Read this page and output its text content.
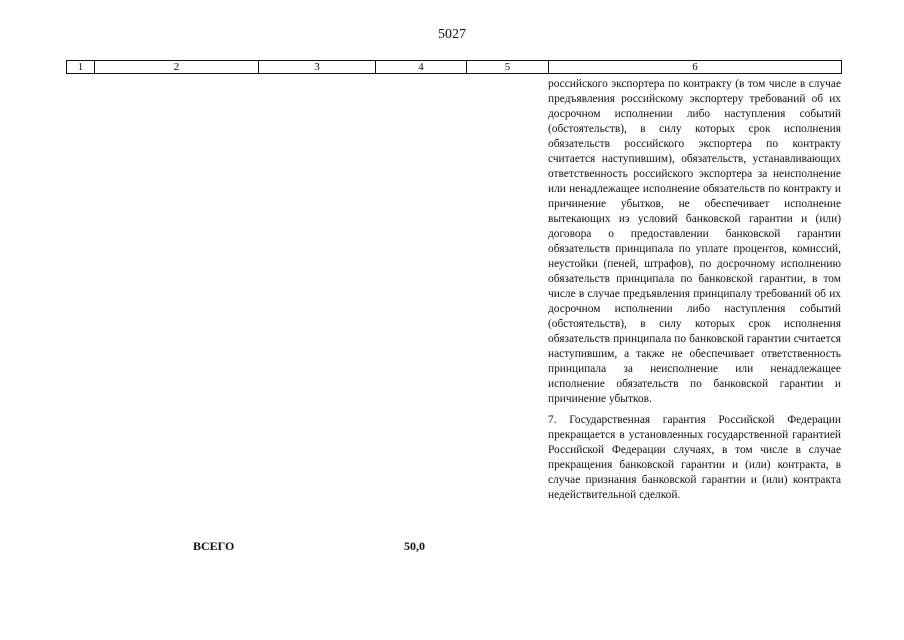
5027
1	2	3	4	5	6

российского экспортера по контракту (в том числе в случае предъявления российскому экспортеру требований об их досрочном исполнении либо наступления событий (обстоятельств), в силу которых срок исполнения обязательств российского экспортера по контракту считается наступившим), обязательств, устанавливающих ответственность российского экспортера за неисполнение или ненадлежащее исполнение обязательств по контракту и причинение убытков, не обеспечивает исполнение вытекающих из условий банковской гарантии и (или) договора о предоставлении банковской гарантии обязательств принципала по уплате процентов, комиссий, неустойки (пеней, штрафов), по досрочному исполнению обязательств принципала по банковской гарантии, в том числе в случае предъявления принципалу требований об их досрочном исполнении либо наступления событий (обстоятельств), в силу которых срок исполнения обязательств принципала по банковской гарантии считается наступившим, а также не обеспечивает ответственность принципала за неисполнение или ненадлежащее исполнение обязательств по банковской гарантии и причинение убытков.

7. Государственная гарантия Российской Федерации прекращается в установленных государственной гарантией Российской Федерации случаях, в том числе в случае прекращения банковской гарантии и (или) контракта, в случае признания банковской гарантии и (или) контракта недействительной сделкой.

ВСЕГО	50,0
